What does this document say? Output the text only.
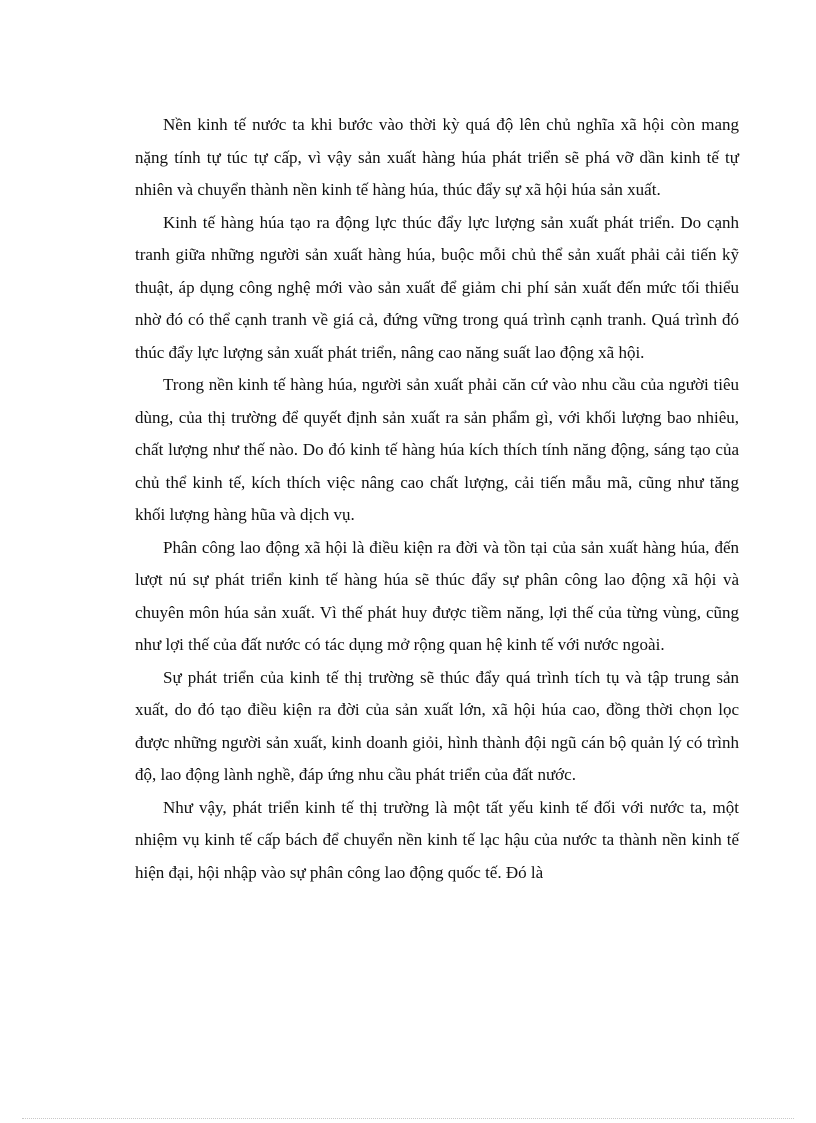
Nền kinh tế nước ta khi bước vào thời kỳ quá độ lên chủ nghĩa xã hội còn mang nặng tính tự túc tự cấp, vì vậy sản xuất hàng húa phát triển sẽ phá vỡ dần kinh tế tự nhiên và chuyển thành nền kinh tế hàng húa, thúc đẩy sự xã hội húa sản xuất.

Kinh tế hàng húa tạo ra động lực thúc đẩy lực lượng sản xuất phát triển. Do cạnh tranh giữa những người sản xuất hàng húa, buộc mỗi chủ thể sản xuất phải cải tiến kỹ thuật, áp dụng công nghệ mới vào sản xuất để giảm chi phí sản xuất đến mức tối thiểu nhờ đó có thể cạnh tranh về giá cả, đứng vững trong quá trình cạnh tranh. Quá trình đó thúc đẩy lực lượng sản xuất phát triển, nâng cao năng suất lao động xã hội.

Trong nền kinh tế hàng húa, người sản xuất phải căn cứ vào nhu cầu của người tiêu dùng, của thị trường để quyết định sản xuất ra sản phẩm gì, với khối lượng bao nhiêu, chất lượng như thế nào. Do đó kinh tế hàng húa kích thích tính năng động, sáng tạo của chủ thể kinh tế, kích thích việc nâng cao chất lượng, cải tiến mẫu mã, cũng như tăng khối lượng hàng hũa và dịch vụ.

Phân công lao động xã hội là điều kiện ra đời và tồn tại của sản xuất hàng húa, đến lượt nú sự phát triển kinh tế hàng húa sẽ thúc đẩy sự phân công lao động xã hội và chuyên môn húa sản xuất. Vì thế phát huy được tiềm năng, lợi thế của từng vùng, cũng như lợi thế của đất nước có tác dụng mở rộng quan hệ kinh tế với nước ngoài.

Sự phát triển của kinh tế thị trường sẽ thúc đẩy quá trình tích tụ và tập trung sản xuất, do đó tạo điều kiện ra đời của sản xuất lớn, xã hội húa cao, đồng thời chọn lọc được những người sản xuất, kinh doanh giỏi, hình thành đội ngũ cán bộ quản lý có trình độ, lao động lành nghề, đáp ứng nhu cầu phát triển của đất nước.

Như vậy, phát triển kinh tế thị trường là một tất yếu kinh tế đối với nước ta, một nhiệm vụ kinh tế cấp bách để chuyển nền kinh tế lạc hậu của nước ta thành nền kinh tế hiện đại, hội nhập vào sự phân công lao động quốc tế. Đó là
